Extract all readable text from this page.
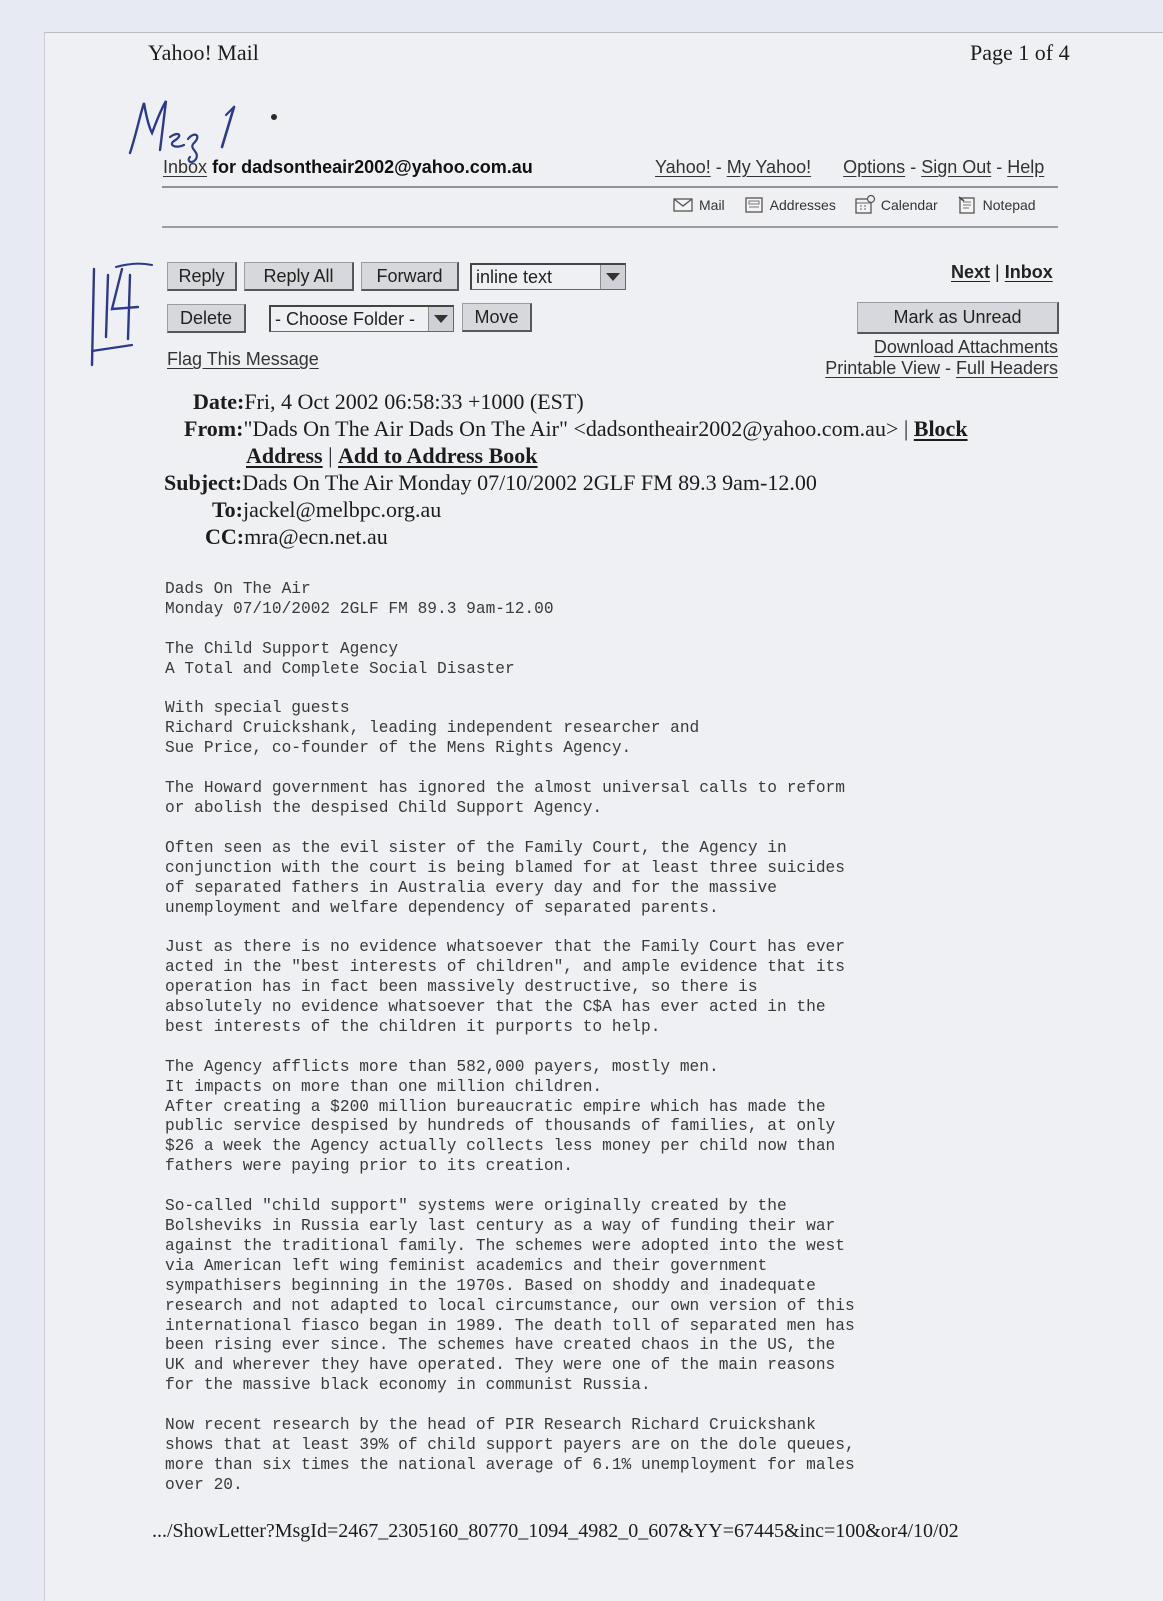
Yahoo! Mail	Page 1 of 4
Inbox for dadsontheair2002@yahoo.com.au	Yahoo! - My Yahoo! Options - Sign Out - Help
Mail	Addresses	Calendar	Notepad
Reply	Reply All	Forward	inline text	Next | Inbox
Delete	- Choose Folder -	Move	Mark as Unread
Flag This Message
Download Attachments
Printable View - Full Headers
Date:Fri, 4 Oct 2002 06:58:33 +1000 (EST)
From:"Dads On The Air Dads On The Air" <dadsontheair2002@yahoo.com.au> | Block
Address | Add to Address Book
Subject:Dads On The Air Monday 07/10/2002 2GLF FM 89.3 9am-12.00
To:jackel@melbpc.org.au
CC:mra@ecn.net.au
Dads On The Air
Monday 07/10/2002 2GLF FM 89.3 9am-12.00

The Child Support Agency
A Total and Complete Social Disaster

With special guests
Richard Cruickshank, leading independent researcher and
Sue Price, co-founder of the Mens Rights Agency.

The Howard government has ignored the almost universal calls to reform
or abolish the despised Child Support Agency.

Often seen as the evil sister of the Family Court, the Agency in
conjunction with the court is being blamed for at least three suicides
of separated fathers in Australia every day and for the massive
unemployment and welfare dependency of separated parents.

Just as there is no evidence whatsoever that the Family Court has ever
acted in the "best interests of children", and ample evidence that its
operation has in fact been massively destructive, so there is
absolutely no evidence whatsoever that the C$A has ever acted in the
best interests of the children it purports to help.

The Agency afflicts more than 582,000 payers, mostly men.
It impacts on more than one million children.
After creating a $200 million bureaucratic empire which has made the
public service despised by hundreds of thousands of families, at only
$26 a week the Agency actually collects less money per child now than
fathers were paying prior to its creation.

So-called "child support" systems were originally created by the
Bolsheviks in Russia early last century as a way of funding their war
against the traditional family. The schemes were adopted into the west
via American left wing feminist academics and their government
sympathisers beginning in the 1970s. Based on shoddy and inadequate
research and not adapted to local circumstance, our own version of this
international fiasco began in 1989. The death toll of separated men has
been rising ever since. The schemes have created chaos in the US, the
UK and wherever they have operated. They were one of the main reasons
for the massive black economy in communist Russia.

Now recent research by the head of PIR Research Richard Cruickshank
shows that at least 39% of child support payers are on the dole queues,
more than six times the national average of 6.1% unemployment for males
over 20.
.../ShowLetter?MsgId=2467_2305160_80770_1094_4982_0_607&YY=67445&inc=100&or4/10/02
